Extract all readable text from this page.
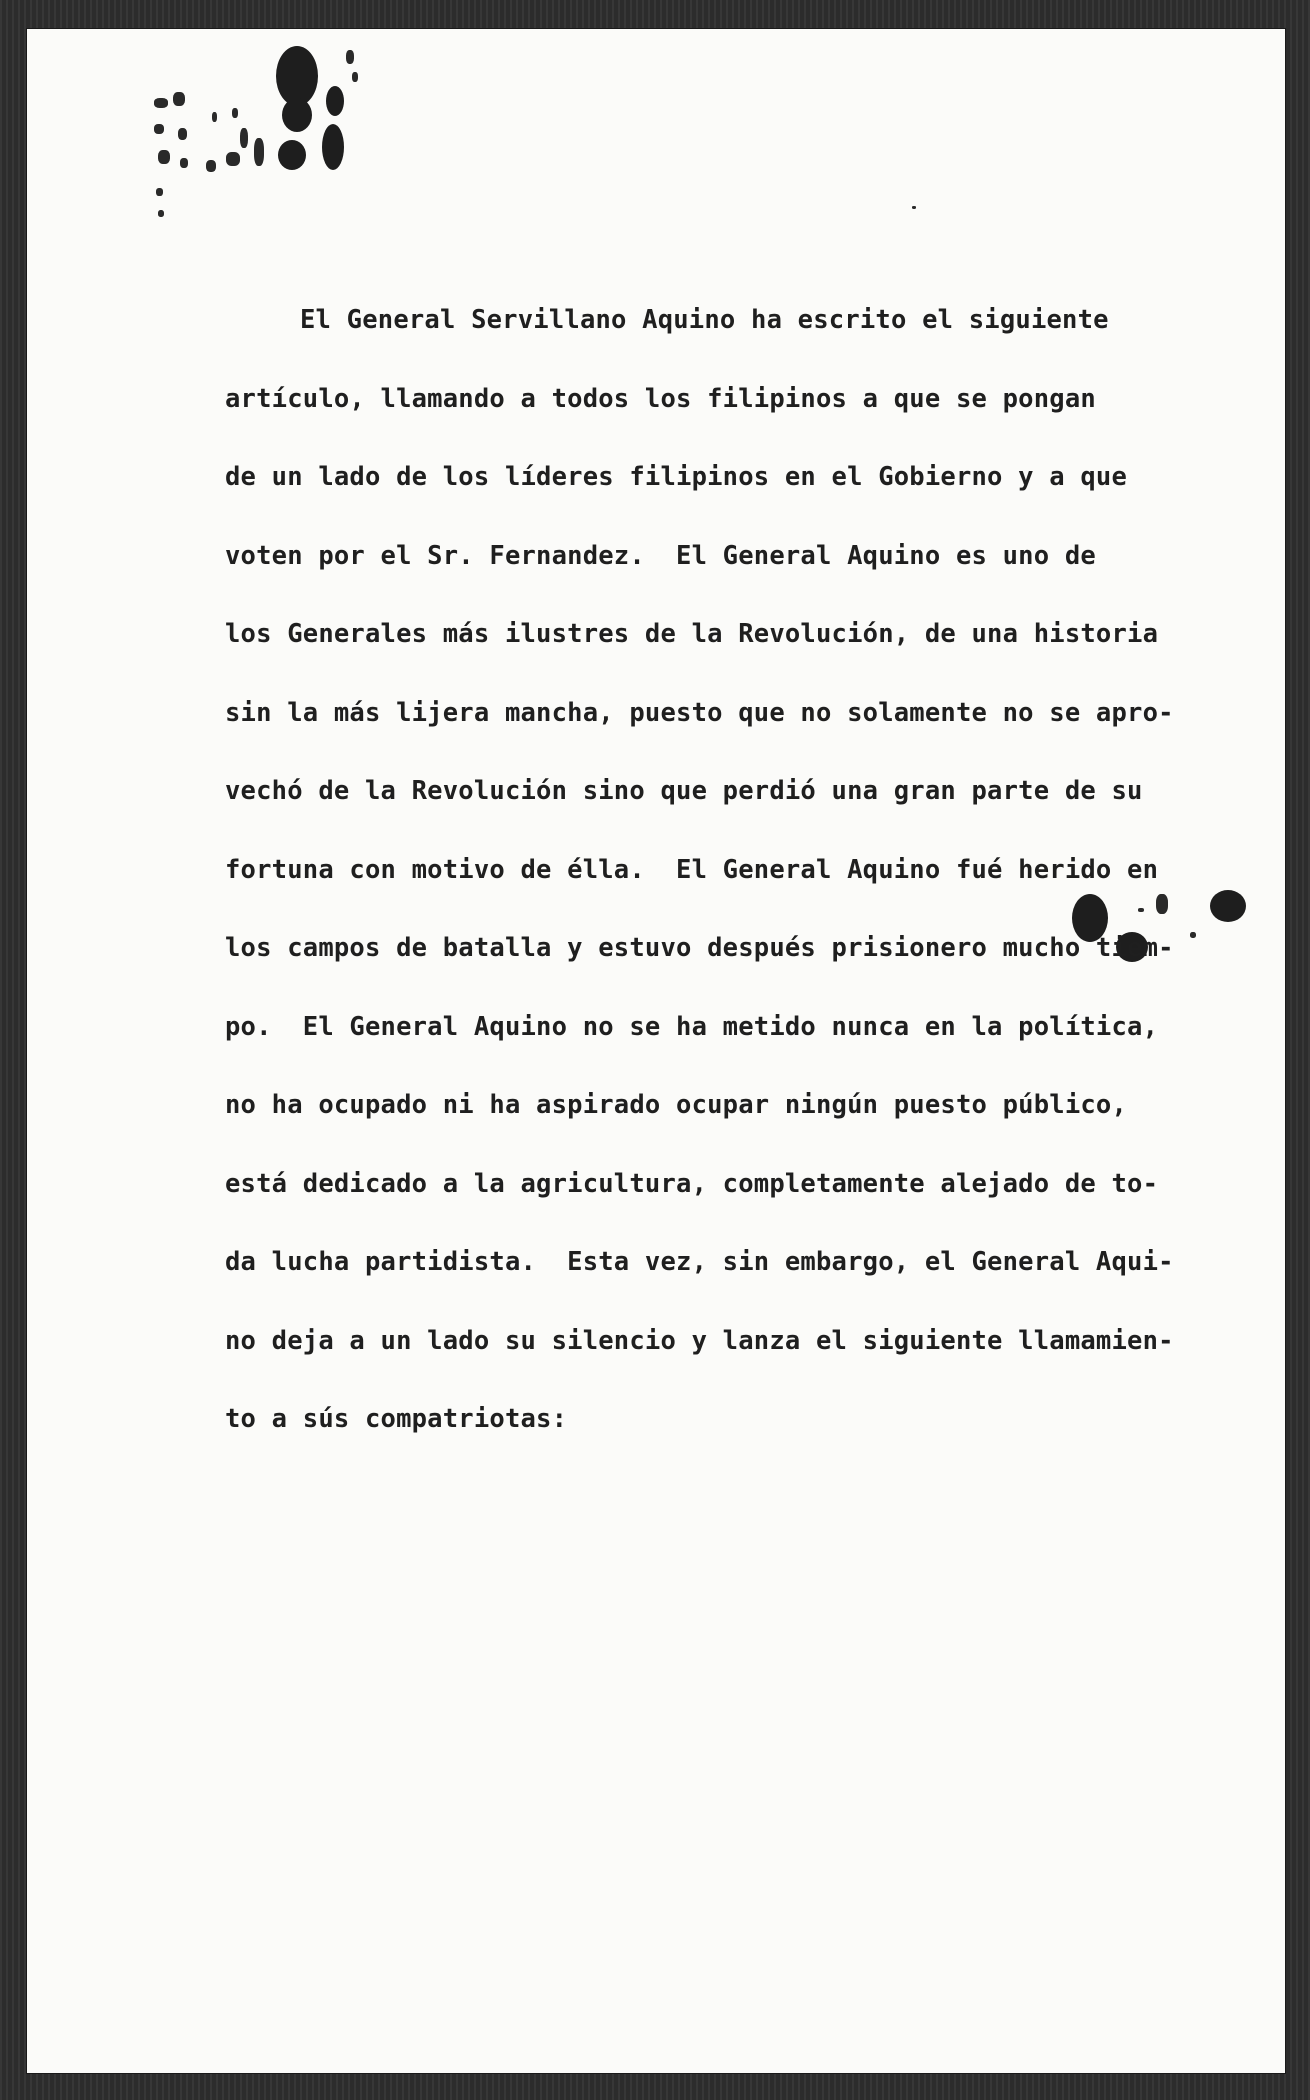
El General Servillano Aquino ha escrito el siguiente
artículo, llamando a todos los filipinos a que se pongan
de un lado de los líderes filipinos en el Gobierno y a que
voten por el Sr. Fernandez.  El General Aquino es uno de
los Generales más ilustres de la Revolución, de una historia
sin la más lijera mancha, puesto que no solamente no se apro-
vechó de la Revolución sino que perdió una gran parte de su
fortuna con motivo de élla.  El General Aquino fué herido en
los campos de batalla y estuvo después prisionero mucho tiem-
po.  El General Aquino no se ha metido nunca en la política,
no ha ocupado ni ha aspirado ocupar ningún puesto público,
está dedicado a la agricultura, completamente alejado de to-
da lucha partidista.  Esta vez, sin embargo, el General Aqui-
no deja a un lado su silencio y lanza el siguiente llamamien-
to a sús compatriotas:
